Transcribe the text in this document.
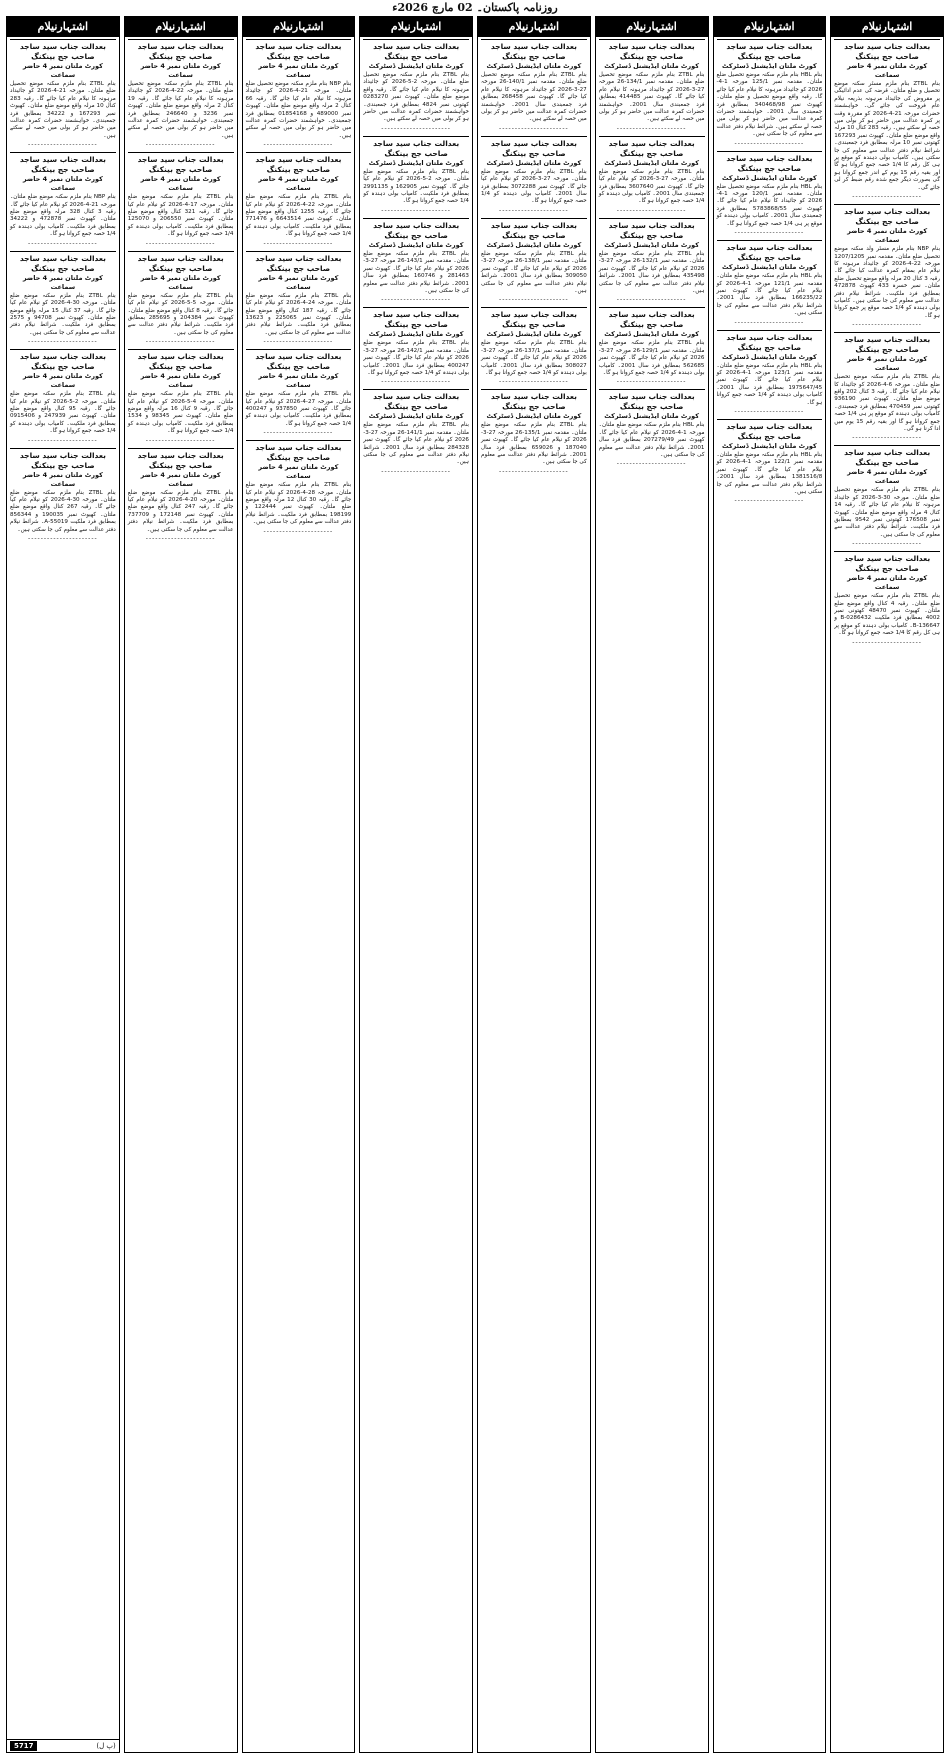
روزنامہ پاکستان۔ 02 مارچ 2026ء
اشتہارنیلام
بعدالت جناب سید ساجد صاحب جج بینکنگ
کورٹ ملتان نمبر 4 حاضر سماعت

بنام ZTBL بنام ملزم مسٹر سکنہ موضع تحصیل و ضلع ملتان۔ قرضہ کی عدم ادائیگی پر مقروض کی جائیداد مرہونہ بذریعہ نیلام عام فروخت کی جائے گی۔ خواہشمند حضرات مورخہ 21-4-2026 کو مقررہ وقت پر کمرہ عدالت میں حاضر ہو کر بولی میں حصہ لے سکتے ہیں۔ رقبہ 283 کنال 10 مرلہ واقع موضع ضلع ملتان۔ کھیوٹ نمبر 167293 کھتونی نمبر 10 مرلہ بمطابق فرد جمعبندی۔ شرائط نیلام دفتر عدالت سے معلوم کی جا سکتی ہیں۔ کامیاب بولی دہندہ کو موقع پر ہی کل رقم کا 1/4 حصہ جمع کروانا ہو گا اور بقیہ رقم 15 یوم کے اندر جمع کروانا ہو گی بصورت دیگر جمع شدہ رقم ضبط کر لی جائے گی۔

----------------------
بعدالت جناب سید ساجد صاحب جج بینکنگ
کورٹ ملتان نمبر 4 حاضر سماعت

بنام NBP بنام ملزم مسٹر ولد سکنہ موضع تحصیل ضلع ملتان۔ مقدمہ نمبر 1207/1205 مورخہ 22-4-2026 کو جائیداد مرہونہ کا نیلام عام بمقام کمرہ عدالت کیا جائے گا۔ رقبہ 3 کنال 20 مرلہ واقع موضع تحصیل ضلع ملتان۔ نمبر خسرہ 433 کھیوٹ 472878 بمطابق فرد ملکیت۔ شرائط نیلام دفتر عدالت سے معلوم کی جا سکتی ہیں۔ کامیاب بولی دہندہ کو 1/4 حصہ موقع پر جمع کروانا ہو گا۔

----------------------
بعدالت جناب سید ساجد صاحب جج بینکنگ
کورٹ ملتان نمبر 4 حاضر سماعت

بنام ZTBL بنام ملزم سکنہ موضع تحصیل ضلع ملتان۔ مورخہ 6-4-2026 کو جائیداد کا نیلام عام کیا جائے گا۔ رقبہ 3 کنال 202 واقع موضع ضلع ملتان۔ کھیوٹ نمبر 936190 کھتونی نمبر 470459 بمطابق فرد جمعبندی۔ کامیاب بولی دہندہ کو موقع پر ہی 1/4 حصہ جمع کروانا ہو گا اور بقیہ رقم 15 یوم میں ادا کرنا ہو گی۔

----------------------
بعدالت جناب سید ساجد صاحب جج بینکنگ
کورٹ ملتان نمبر 4 حاضر سماعت

بنام ZTBL بنام ملزم سکنہ موضع تحصیل ضلع ملتان۔ مورخہ 30-3-2026 کو جائیداد مرہونہ کا نیلام عام کیا جائے گا۔ رقبہ 14 کنال 4 مرلہ واقع موضع ضلع ملتان۔ کھیوٹ نمبر 176508 کھتونی نمبر 9542 بمطابق فرد ملکیت۔ شرائط نیلام دفتر عدالت سے معلوم کی جا سکتی ہیں۔

----------------------
بعدالت جناب سید ساجد صاحب جج بینکنگ
کورٹ ملتان نمبر 4 حاضر سماعت

بنام ZTBL بنام ملزم سکنہ موضع تحصیل ضلع ملتان۔ رقبہ 4 کنال واقع موضع ضلع ملتان۔ کھیوٹ نمبر 48470 کھتونی نمبر 4002 بمطابق فرد ملکیت B-0286432 و 136647-B۔ کامیاب بولی دہندہ کو موقع پر ہی کل رقم کا 1/4 حصہ جمع کروانا ہو گا۔

----------------------
اشتہارنیلام
بعدالت جناب سید ساجد صاحب جج بینکنگ
کورٹ ملتان ایڈیشنل ڈسٹرکٹ

بنام HBL بنام ملزم سکنہ موضع تحصیل ضلع ملتان۔ مقدمہ نمبر 125/1 مورخہ 1-4-2026 کو جائیداد مرہونہ کا نیلام عام کیا جائے گا۔ رقبہ واقع موضع تحصیل و ضلع ملتان۔ کھیوٹ نمبر 340468/98 بمطابق فرد جمعبندی سال 2001۔ خواہشمند حضرات کمرہ عدالت میں حاضر ہو کر بولی میں حصہ لے سکتے ہیں۔ شرائط نیلام دفتر عدالت سے معلوم کی جا سکتی ہیں۔

----------------------
بعدالت جناب سید ساجد صاحب جج بینکنگ
کورٹ ملتان ایڈیشنل ڈسٹرکٹ

بنام HBL بنام ملزم سکنہ موضع تحصیل ضلع ملتان۔ مقدمہ نمبر 120/1 مورخہ 1-4-2026 کو جائیداد کا نیلام عام کیا جائے گا۔ کھیوٹ نمبر 5783868/55 بمطابق فرد جمعبندی سال 2001۔ کامیاب بولی دہندہ کو موقع پر ہی 1/4 حصہ جمع کروانا ہو گا۔

----------------------
بعدالت جناب سید ساجد صاحب جج بینکنگ
کورٹ ملتان ایڈیشنل ڈسٹرکٹ

بنام HBL بنام ملزم سکنہ موضع ضلع ملتان۔ مقدمہ نمبر 121/1 مورخہ 1-4-2026 کو نیلام عام کیا جائے گا۔ کھیوٹ نمبر 166235/22 بمطابق فرد سال 2001۔ شرائط نیلام دفتر عدالت سے معلوم کی جا سکتی ہیں۔

----------------------
بعدالت جناب سید ساجد صاحب جج بینکنگ
کورٹ ملتان ایڈیشنل ڈسٹرکٹ

بنام HBL بنام ملزم سکنہ موضع ضلع ملتان۔ مقدمہ نمبر 123/1 مورخہ 1-4-2026 کو نیلام عام کیا جائے گا۔ کھیوٹ نمبر 1975647/45 بمطابق فرد سال 2001۔ کامیاب بولی دہندہ کو 1/4 حصہ جمع کروانا ہو گا۔

----------------------
بعدالت جناب سید ساجد صاحب جج بینکنگ
کورٹ ملتان ایڈیشنل ڈسٹرکٹ

بنام HBL بنام ملزم سکنہ موضع ضلع ملتان۔ مقدمہ نمبر 122/1 مورخہ 1-4-2026 کو نیلام عام کیا جائے گا۔ کھیوٹ نمبر 1381516/8 بمطابق فرد سال 2001۔ شرائط نیلام دفتر عدالت سے معلوم کی جا سکتی ہیں۔

----------------------
اشتہارنیلام
بعدالت جناب سید ساجد صاحب جج بینکنگ
کورٹ ملتان ایڈیشنل ڈسٹرکٹ

بنام ZTBL بنام ملزم سکنہ موضع تحصیل ضلع ملتان۔ مقدمہ نمبر 134/1-26 مورخہ 27-3-2026 کو جائیداد مرہونہ کا نیلام عام کیا جائے گا۔ کھیوٹ نمبر 414485 بمطابق فرد جمعبندی سال 2001۔ خواہشمند حضرات کمرہ عدالت میں حاضر ہو کر بولی میں حصہ لے سکتے ہیں۔

----------------------
بعدالت جناب سید ساجد صاحب جج بینکنگ
کورٹ ملتان ایڈیشنل ڈسٹرکٹ

بنام ZTBL بنام ملزم سکنہ موضع ضلع ملتان۔ مورخہ 27-3-2026 کو نیلام عام کیا جائے گا۔ کھیوٹ نمبر 3607640 بمطابق فرد جمعبندی سال 2001۔ کامیاب بولی دہندہ کو 1/4 حصہ جمع کروانا ہو گا۔

----------------------
بعدالت جناب سید ساجد صاحب جج بینکنگ
کورٹ ملتان ایڈیشنل ڈسٹرکٹ

بنام ZTBL بنام ملزم سکنہ موضع ضلع ملتان۔ مقدمہ نمبر 132/1-26 مورخہ 27-3-2026 کو نیلام عام کیا جائے گا۔ کھیوٹ نمبر 435498 بمطابق فرد سال 2001۔ شرائط نیلام دفتر عدالت سے معلوم کی جا سکتی ہیں۔

----------------------
بعدالت جناب سید ساجد صاحب جج بینکنگ
کورٹ ملتان ایڈیشنل ڈسٹرکٹ

بنام ZTBL بنام ملزم سکنہ موضع ضلع ملتان۔ مقدمہ نمبر 129/1-26 مورخہ 27-3-2026 کو نیلام عام کیا جائے گا۔ کھیوٹ نمبر 562685 بمطابق فرد سال 2001۔ کامیاب بولی دہندہ کو 1/4 حصہ جمع کروانا ہو گا۔

----------------------
بعدالت جناب سید ساجد صاحب جج بینکنگ
کورٹ ملتان ایڈیشنل ڈسٹرکٹ

بنام HBL بنام ملزم سکنہ موضع ضلع ملتان۔ مورخہ 1-4-2026 کو نیلام عام کیا جائے گا۔ کھیوٹ نمبر 207279/49 بمطابق فرد سال 2001۔ شرائط نیلام دفتر عدالت سے معلوم کی جا سکتی ہیں۔

----------------------
اشتہارنیلام
بعدالت جناب سید ساجد صاحب جج بینکنگ
کورٹ ملتان ایڈیشنل ڈسٹرکٹ

بنام ZTBL بنام ملزم سکنہ موضع تحصیل ضلع ملتان۔ مقدمہ نمبر 140/1-26 مورخہ 27-3-2026 کو جائیداد مرہونہ کا نیلام عام کیا جائے گا۔ کھیوٹ نمبر 268458 بمطابق فرد جمعبندی سال 2001۔ خواہشمند حضرات کمرہ عدالت میں حاضر ہو کر بولی میں حصہ لے سکتے ہیں۔

----------------------
بعدالت جناب سید ساجد صاحب جج بینکنگ
کورٹ ملتان ایڈیشنل ڈسٹرکٹ

بنام ZTBL بنام ملزم سکنہ موضع ضلع ملتان۔ مورخہ 27-3-2026 کو نیلام عام کیا جائے گا۔ کھیوٹ نمبر 3072288 بمطابق فرد سال 2001۔ کامیاب بولی دہندہ کو 1/4 حصہ جمع کروانا ہو گا۔

----------------------
بعدالت جناب سید ساجد صاحب جج بینکنگ
کورٹ ملتان ایڈیشنل ڈسٹرکٹ

بنام ZTBL بنام ملزم سکنہ موضع ضلع ملتان۔ مقدمہ نمبر 138/1-26 مورخہ 27-3-2026 کو نیلام عام کیا جائے گا۔ کھیوٹ نمبر 309050 بمطابق فرد سال 2001۔ شرائط نیلام دفتر عدالت سے معلوم کی جا سکتی ہیں۔

----------------------
بعدالت جناب سید ساجد صاحب جج بینکنگ
کورٹ ملتان ایڈیشنل ڈسٹرکٹ

بنام ZTBL بنام ملزم سکنہ موضع ضلع ملتان۔ مقدمہ نمبر 137/1-26 مورخہ 27-3-2026 کو نیلام عام کیا جائے گا۔ کھیوٹ نمبر 308027 بمطابق فرد سال 2001۔ کامیاب بولی دہندہ کو 1/4 حصہ جمع کروانا ہو گا۔

----------------------
بعدالت جناب سید ساجد صاحب جج بینکنگ
کورٹ ملتان ایڈیشنل ڈسٹرکٹ

بنام ZTBL بنام ملزم سکنہ موضع ضلع ملتان۔ مقدمہ نمبر 135/1-26 مورخہ 27-3-2026 کو نیلام عام کیا جائے گا۔ کھیوٹ نمبر 187040 و 659026 بمطابق فرد سال 2001۔ شرائط نیلام دفتر عدالت سے معلوم کی جا سکتی ہیں۔

----------------------
اشتہارنیلام
بعدالت جناب سید ساجد صاحب جج بینکنگ
کورٹ ملتان ایڈیشنل ڈسٹرکٹ

بنام ZTBL بنام ملزم سکنہ موضع تحصیل ضلع ملتان۔ مورخہ 2-5-2026 کو جائیداد مرہونہ کا نیلام عام کیا جائے گا۔ رقبہ واقع موضع ضلع ملتان۔ کھیوٹ نمبر 0283270 کھتونی نمبر 4824 بمطابق فرد جمعبندی۔ خواہشمند حضرات کمرہ عدالت میں حاضر ہو کر بولی میں حصہ لے سکتے ہیں۔

----------------------
بعدالت جناب سید ساجد صاحب جج بینکنگ
کورٹ ملتان ایڈیشنل ڈسٹرکٹ

بنام ZTBL بنام ملزم سکنہ موضع ضلع ملتان۔ مورخہ 2-5-2026 کو نیلام عام کیا جائے گا۔ کھیوٹ نمبر 162905 و 2991135 بمطابق فرد ملکیت۔ کامیاب بولی دہندہ کو 1/4 حصہ جمع کروانا ہو گا۔

----------------------
بعدالت جناب سید ساجد صاحب جج بینکنگ
کورٹ ملتان ایڈیشنل ڈسٹرکٹ

بنام ZTBL بنام ملزم سکنہ موضع ضلع ملتان۔ مقدمہ نمبر 143/1-26 مورخہ 27-3-2026 کو نیلام عام کیا جائے گا۔ کھیوٹ نمبر 281463 و 160746 بمطابق فرد سال 2001۔ شرائط نیلام دفتر عدالت سے معلوم کی جا سکتی ہیں۔

----------------------
بعدالت جناب سید ساجد صاحب جج بینکنگ
کورٹ ملتان ایڈیشنل ڈسٹرکٹ

بنام ZTBL بنام ملزم سکنہ موضع ضلع ملتان۔ مقدمہ نمبر 142/1-26 مورخہ 27-3-2026 کو نیلام عام کیا جائے گا۔ کھیوٹ نمبر 400247 بمطابق فرد سال 2001۔ کامیاب بولی دہندہ کو 1/4 حصہ جمع کروانا ہو گا۔

----------------------
بعدالت جناب سید ساجد صاحب جج بینکنگ
کورٹ ملتان ایڈیشنل ڈسٹرکٹ

بنام ZTBL بنام ملزم سکنہ موضع ضلع ملتان۔ مقدمہ نمبر 141/1-26 مورخہ 27-3-2026 کو نیلام عام کیا جائے گا۔ کھیوٹ نمبر 284328 بمطابق فرد سال 2001۔ شرائط نیلام دفتر عدالت سے معلوم کی جا سکتی ہیں۔

----------------------
اشتہارنیلام
بعدالت جناب سید ساجد صاحب جج بینکنگ
کورٹ ملتان نمبر 4 حاضر سماعت

بنام NBP بنام ملزم سکنہ موضع تحصیل ضلع ملتان۔ مورخہ 21-4-2026 کو جائیداد مرہونہ کا نیلام عام کیا جائے گا۔ رقبہ 66 کنال 2 مرلہ واقع موضع ضلع ملتان۔ کھیوٹ نمبر 489000 و 01854168 بمطابق فرد جمعبندی۔ خواہشمند حضرات کمرہ عدالت میں حاضر ہو کر بولی میں حصہ لے سکتے ہیں۔

----------------------
بعدالت جناب سید ساجد صاحب جج بینکنگ
کورٹ ملتان نمبر 4 حاضر سماعت

بنام ZTBL بنام ملزم سکنہ موضع ضلع ملتان۔ مورخہ 22-4-2026 کو نیلام عام کیا جائے گا۔ رقبہ 1255 کنال واقع موضع ضلع ملتان۔ کھیوٹ نمبر 6643514 و 771476 بمطابق فرد ملکیت۔ کامیاب بولی دہندہ کو 1/4 حصہ جمع کروانا ہو گا۔

----------------------
بعدالت جناب سید ساجد صاحب جج بینکنگ
کورٹ ملتان نمبر 4 حاضر سماعت

بنام ZTBL بنام ملزم سکنہ موضع ضلع ملتان۔ مورخہ 24-4-2026 کو نیلام عام کیا جائے گا۔ رقبہ 187 کنال واقع موضع ضلع ملتان۔ کھیوٹ نمبر 225065 و 13623 بمطابق فرد ملکیت۔ شرائط نیلام دفتر عدالت سے معلوم کی جا سکتی ہیں۔

----------------------
بعدالت جناب سید ساجد صاحب جج بینکنگ
کورٹ ملتان نمبر 4 حاضر سماعت

بنام ZTBL بنام ملزم سکنہ موضع ضلع ملتان۔ مورخہ 27-4-2026 کو نیلام عام کیا جائے گا۔ کھیوٹ نمبر 937850 و 400247 بمطابق فرد ملکیت۔ کامیاب بولی دہندہ کو 1/4 حصہ جمع کروانا ہو گا۔

----------------------
بعدالت جناب سید ساجد صاحب جج بینکنگ
کورٹ ملتان نمبر 4 حاضر سماعت

بنام ZTBL بنام ملزم سکنہ موضع ضلع ملتان۔ مورخہ 28-4-2026 کو نیلام عام کیا جائے گا۔ رقبہ 30 کنال 12 مرلہ واقع موضع ضلع ملتان۔ کھیوٹ نمبر 122444 و 198199 بمطابق فرد ملکیت۔ شرائط نیلام دفتر عدالت سے معلوم کی جا سکتی ہیں۔

----------------------
اشتہارنیلام
بعدالت جناب سید ساجد صاحب جج بینکنگ
کورٹ ملتان نمبر 4 حاضر سماعت

بنام ZTBL بنام ملزم سکنہ موضع تحصیل ضلع ملتان۔ مورخہ 22-4-2026 کو جائیداد مرہونہ کا نیلام عام کیا جائے گا۔ رقبہ 19 کنال 2 مرلہ واقع موضع ضلع ملتان۔ کھیوٹ نمبر 3236 و 246640 بمطابق فرد جمعبندی۔ خواہشمند حضرات کمرہ عدالت میں حاضر ہو کر بولی میں حصہ لے سکتے ہیں۔

----------------------
بعدالت جناب سید ساجد صاحب جج بینکنگ
کورٹ ملتان نمبر 4 حاضر سماعت

بنام ZTBL بنام ملزم سکنہ موضع ضلع ملتان۔ مورخہ 17-4-2026 کو نیلام عام کیا جائے گا۔ رقبہ 321 کنال واقع موضع ضلع ملتان۔ کھیوٹ نمبر 206550 و 125070 بمطابق فرد ملکیت۔ کامیاب بولی دہندہ کو 1/4 حصہ جمع کروانا ہو گا۔

----------------------
بعدالت جناب سید ساجد صاحب جج بینکنگ
کورٹ ملتان نمبر 4 حاضر سماعت

بنام ZTBL بنام ملزم سکنہ موضع ضلع ملتان۔ مورخہ 5-5-2026 کو نیلام عام کیا جائے گا۔ رقبہ 8 کنال واقع موضع ضلع ملتان۔ کھیوٹ نمبر 204384 و 285695 بمطابق فرد ملکیت۔ شرائط نیلام دفتر عدالت سے معلوم کی جا سکتی ہیں۔

----------------------
بعدالت جناب سید ساجد صاحب جج بینکنگ
کورٹ ملتان نمبر 4 حاضر سماعت

بنام ZTBL بنام ملزم سکنہ موضع ضلع ملتان۔ مورخہ 4-5-2026 کو نیلام عام کیا جائے گا۔ رقبہ 9 کنال 16 مرلہ واقع موضع ضلع ملتان۔ کھیوٹ نمبر 98345 و 1534 بمطابق فرد ملکیت۔ کامیاب بولی دہندہ کو 1/4 حصہ جمع کروانا ہو گا۔

----------------------
بعدالت جناب سید ساجد صاحب جج بینکنگ
کورٹ ملتان نمبر 4 حاضر سماعت

بنام ZTBL بنام ملزم سکنہ موضع ضلع ملتان۔ مورخہ 20-4-2026 کو نیلام عام کیا جائے گا۔ رقبہ 247 کنال واقع موضع ضلع ملتان۔ کھیوٹ نمبر 172148 و 737709 بمطابق فرد ملکیت۔ شرائط نیلام دفتر عدالت سے معلوم کی جا سکتی ہیں۔

----------------------
اشتہارنیلام
بعدالت جناب سید ساجد صاحب جج بینکنگ
کورٹ ملتان نمبر 4 حاضر سماعت

بنام ZTBL بنام ملزم سکنہ موضع تحصیل ضلع ملتان۔ مورخہ 21-4-2026 کو جائیداد مرہونہ کا نیلام عام کیا جائے گا۔ رقبہ 283 کنال 10 مرلہ واقع موضع ضلع ملتان۔ کھیوٹ نمبر 167293 و 34222 بمطابق فرد جمعبندی۔ خواہشمند حضرات کمرہ عدالت میں حاضر ہو کر بولی میں حصہ لے سکتے ہیں۔

----------------------
بعدالت جناب سید ساجد صاحب جج بینکنگ
کورٹ ملتان نمبر 4 حاضر سماعت

بنام NBP بنام ملزم سکنہ موضع ضلع ملتان۔ مورخہ 21-4-2026 کو نیلام عام کیا جائے گا۔ رقبہ 3 کنال 328 مرلہ واقع موضع ضلع ملتان۔ کھیوٹ نمبر 472878 و 34222 بمطابق فرد ملکیت۔ کامیاب بولی دہندہ کو 1/4 حصہ جمع کروانا ہو گا۔

----------------------
بعدالت جناب سید ساجد صاحب جج بینکنگ
کورٹ ملتان نمبر 4 حاضر سماعت

بنام ZTBL بنام ملزم سکنہ موضع ضلع ملتان۔ مورخہ 30-4-2026 کو نیلام عام کیا جائے گا۔ رقبہ 37 کنال 15 مرلہ واقع موضع ضلع ملتان۔ کھیوٹ نمبر 94708 و 2575 بمطابق فرد ملکیت۔ شرائط نیلام دفتر عدالت سے معلوم کی جا سکتی ہیں۔

----------------------
بعدالت جناب سید ساجد صاحب جج بینکنگ
کورٹ ملتان نمبر 4 حاضر سماعت

بنام ZTBL بنام ملزم سکنہ موضع ضلع ملتان۔ مورخہ 2-5-2026 کو نیلام عام کیا جائے گا۔ رقبہ 95 کنال واقع موضع ضلع ملتان۔ کھیوٹ نمبر 247939 و 0915406 بمطابق فرد ملکیت۔ کامیاب بولی دہندہ کو 1/4 حصہ جمع کروانا ہو گا۔

----------------------
بعدالت جناب سید ساجد صاحب جج بینکنگ
کورٹ ملتان نمبر 4 حاضر سماعت

بنام ZTBL بنام ملزم سکنہ موضع ضلع ملتان۔ مورخہ 30-4-2026 کو نیلام عام کیا جائے گا۔ رقبہ 267 کنال واقع موضع ضلع ملتان۔ کھیوٹ نمبر 190035 و 856344 بمطابق فرد ملکیت 55019-A۔ شرائط نیلام دفتر عدالت سے معلوم کی جا سکتی ہیں۔

----------------------
(پ ل)
5717
